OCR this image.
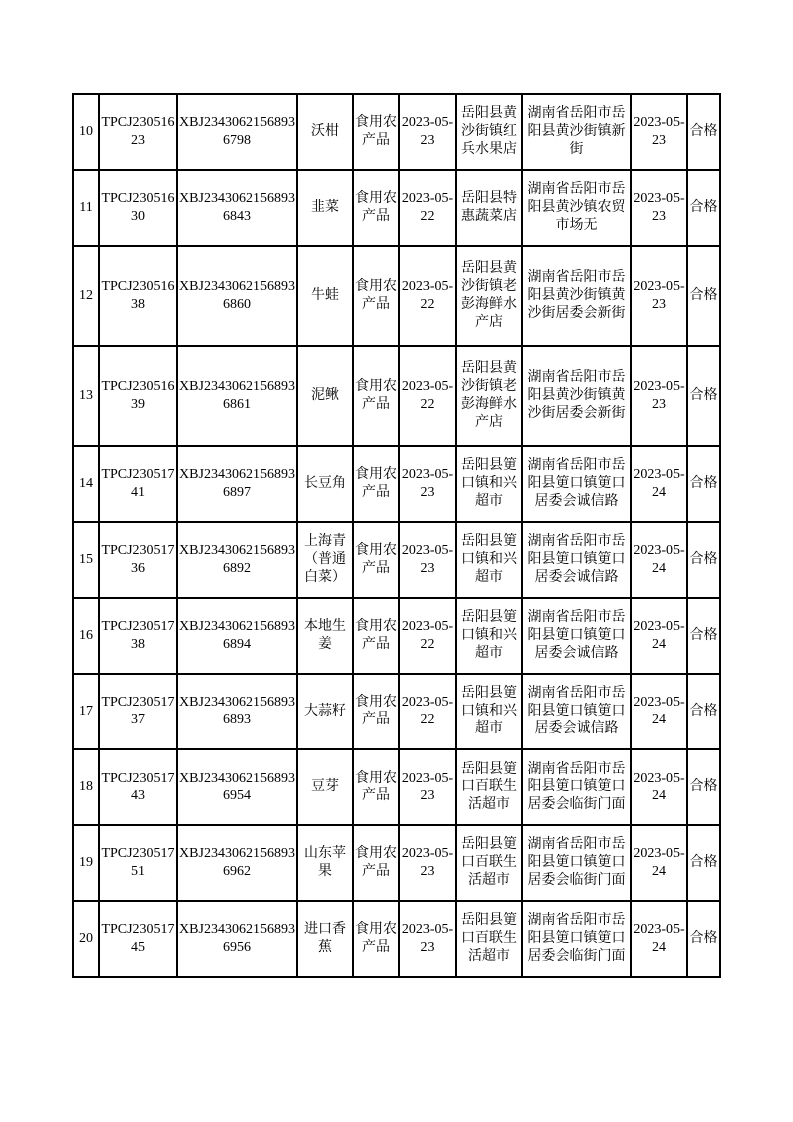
10	TPCJ23051623	XBJ23430621568936798	沃柑	食用农产品	2023-05-23	岳阳县黄沙街镇红兵水果店	湖南省岳阳市岳阳县黄沙街镇新街	2023-05-23	合格
11	TPCJ23051630	XBJ23430621568936843	韭菜	食用农产品	2023-05-22	岳阳县特惠蔬菜店	湖南省岳阳市岳阳县黄沙镇农贸市场无	2023-05-23	合格
12	TPCJ23051638	XBJ23430621568936860	牛蛙	食用农产品	2023-05-22	岳阳县黄沙街镇老彭海鲜水产店	湖南省岳阳市岳阳县黄沙街镇黄沙街居委会新街	2023-05-23	合格
13	TPCJ23051639	XBJ23430621568936861	泥鳅	食用农产品	2023-05-22	岳阳县黄沙街镇老彭海鲜水产店	湖南省岳阳市岳阳县黄沙街镇黄沙街居委会新街	2023-05-23	合格
14	TPCJ23051741	XBJ23430621568936897	长豆角	食用农产品	2023-05-23	岳阳县筻口镇和兴超市	湖南省岳阳市岳阳县筻口镇筻口居委会诚信路	2023-05-24	合格
15	TPCJ23051736	XBJ23430621568936892	上海青（普通白菜）	食用农产品	2023-05-23	岳阳县筻口镇和兴超市	湖南省岳阳市岳阳县筻口镇筻口居委会诚信路	2023-05-24	合格
16	TPCJ23051738	XBJ23430621568936894	本地生姜	食用农产品	2023-05-22	岳阳县筻口镇和兴超市	湖南省岳阳市岳阳县筻口镇筻口居委会诚信路	2023-05-24	合格
17	TPCJ23051737	XBJ23430621568936893	大蒜籽	食用农产品	2023-05-22	岳阳县筻口镇和兴超市	湖南省岳阳市岳阳县筻口镇筻口居委会诚信路	2023-05-24	合格
18	TPCJ23051743	XBJ23430621568936954	豆芽	食用农产品	2023-05-23	岳阳县筻口百联生活超市	湖南省岳阳市岳阳县筻口镇筻口居委会临街门面	2023-05-24	合格
19	TPCJ23051751	XBJ23430621568936962	山东苹果	食用农产品	2023-05-23	岳阳县筻口百联生活超市	湖南省岳阳市岳阳县筻口镇筻口居委会临街门面	2023-05-24	合格
20	TPCJ23051745	XBJ23430621568936956	进口香蕉	食用农产品	2023-05-23	岳阳县筻口百联生活超市	湖南省岳阳市岳阳县筻口镇筻口居委会临街门面	2023-05-24	合格
